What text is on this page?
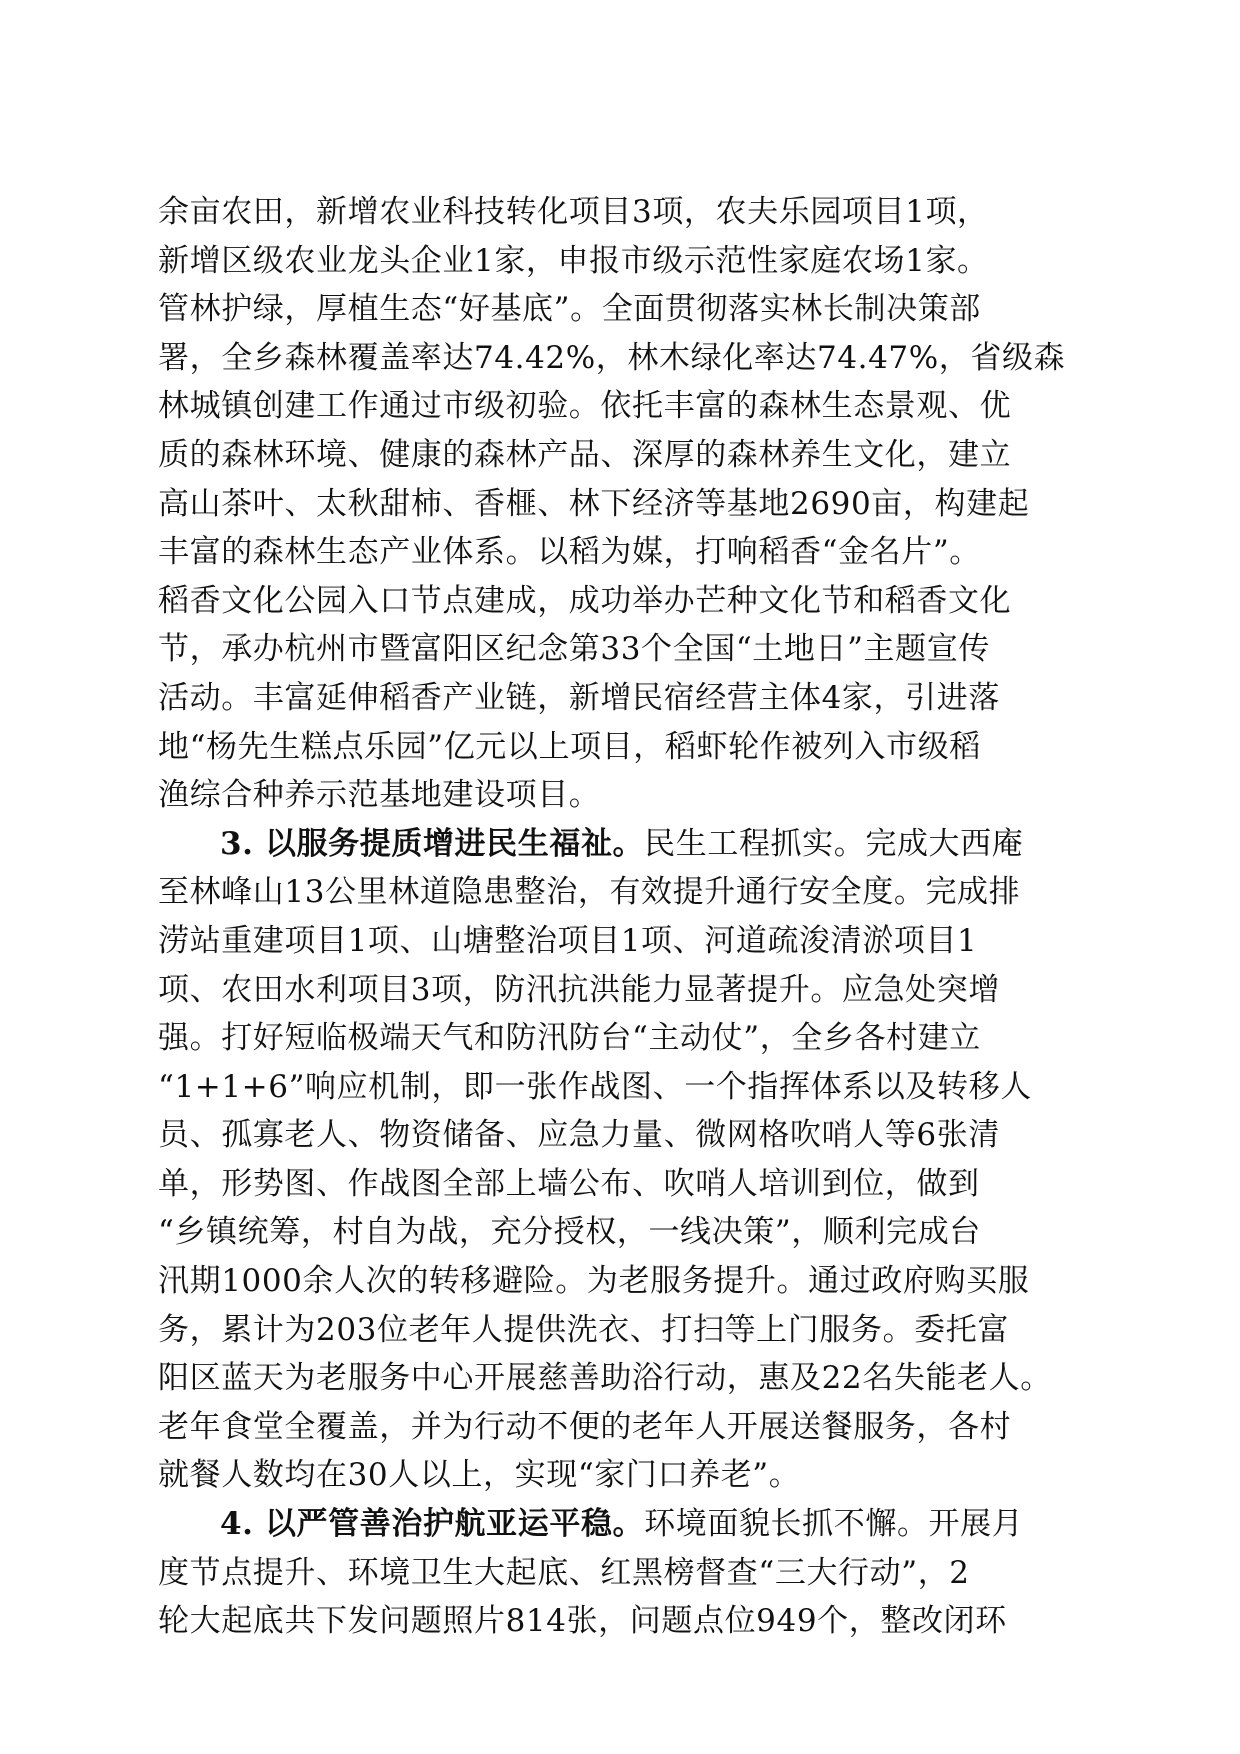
余亩农田，新增农业科技转化项目3项，农夫乐园项目1项，
新增区级农业龙头企业1家，申报市级示范性家庭农场1家。
管林护绿，厚植生态“好基底”。全面贯彻落实林长制决策部
署，全乡森林覆盖率达74.42%，林木绿化率达74.47%，省级森
林城镇创建工作通过市级初验。依托丰富的森林生态景观、优
质的森林环境、健康的森林产品、深厚的森林养生文化，建立
高山茶叶、太秋甜柿、香榧、林下经济等基地2690亩，构建起
丰富的森林生态产业体系。以稻为媒，打响稻香“金名片”。
稻香文化公园入口节点建成，成功举办芒种文化节和稻香文化
节，承办杭州市暨富阳区纪念第33个全国“土地日”主题宣传
活动。丰富延伸稻香产业链，新增民宿经营主体4家，引进落
地“杨先生糕点乐园”亿元以上项目，稻虾轮作被列入市级稻
渔综合种养示范基地建设项目。
3. 以服务提质增进民生福祉。民生工程抓实。完成大西庵
至林峰山13公里林道隐患整治，有效提升通行安全度。完成排
涝站重建项目1项、山塘整治项目1项、河道疏浚清淤项目1
项、农田水利项目3项，防汛抗洪能力显著提升。应急处突增
强。打好短临极端天气和防汛防台“主动仗”，全乡各村建立
“1+1+6”响应机制，即一张作战图、一个指挥体系以及转移人
员、孤寡老人、物资储备、应急力量、微网格吹哨人等6张清
单，形势图、作战图全部上墙公布、吹哨人培训到位，做到
“乡镇统筹，村自为战，充分授权，一线决策”，顺利完成台
汛期1000余人次的转移避险。为老服务提升。通过政府购买服
务，累计为203位老年人提供洗衣、打扫等上门服务。委托富
阳区蓝天为老服务中心开展慈善助浴行动，惠及22名失能老人。
老年食堂全覆盖，并为行动不便的老年人开展送餐服务，各村
就餐人数均在30人以上，实现“家门口养老”。
4. 以严管善治护航亚运平稳。环境面貌长抓不懈。开展月
度节点提升、环境卫生大起底、红黑榜督查“三大行动”，2
轮大起底共下发问题照片814张，问题点位949个，整改闭环
